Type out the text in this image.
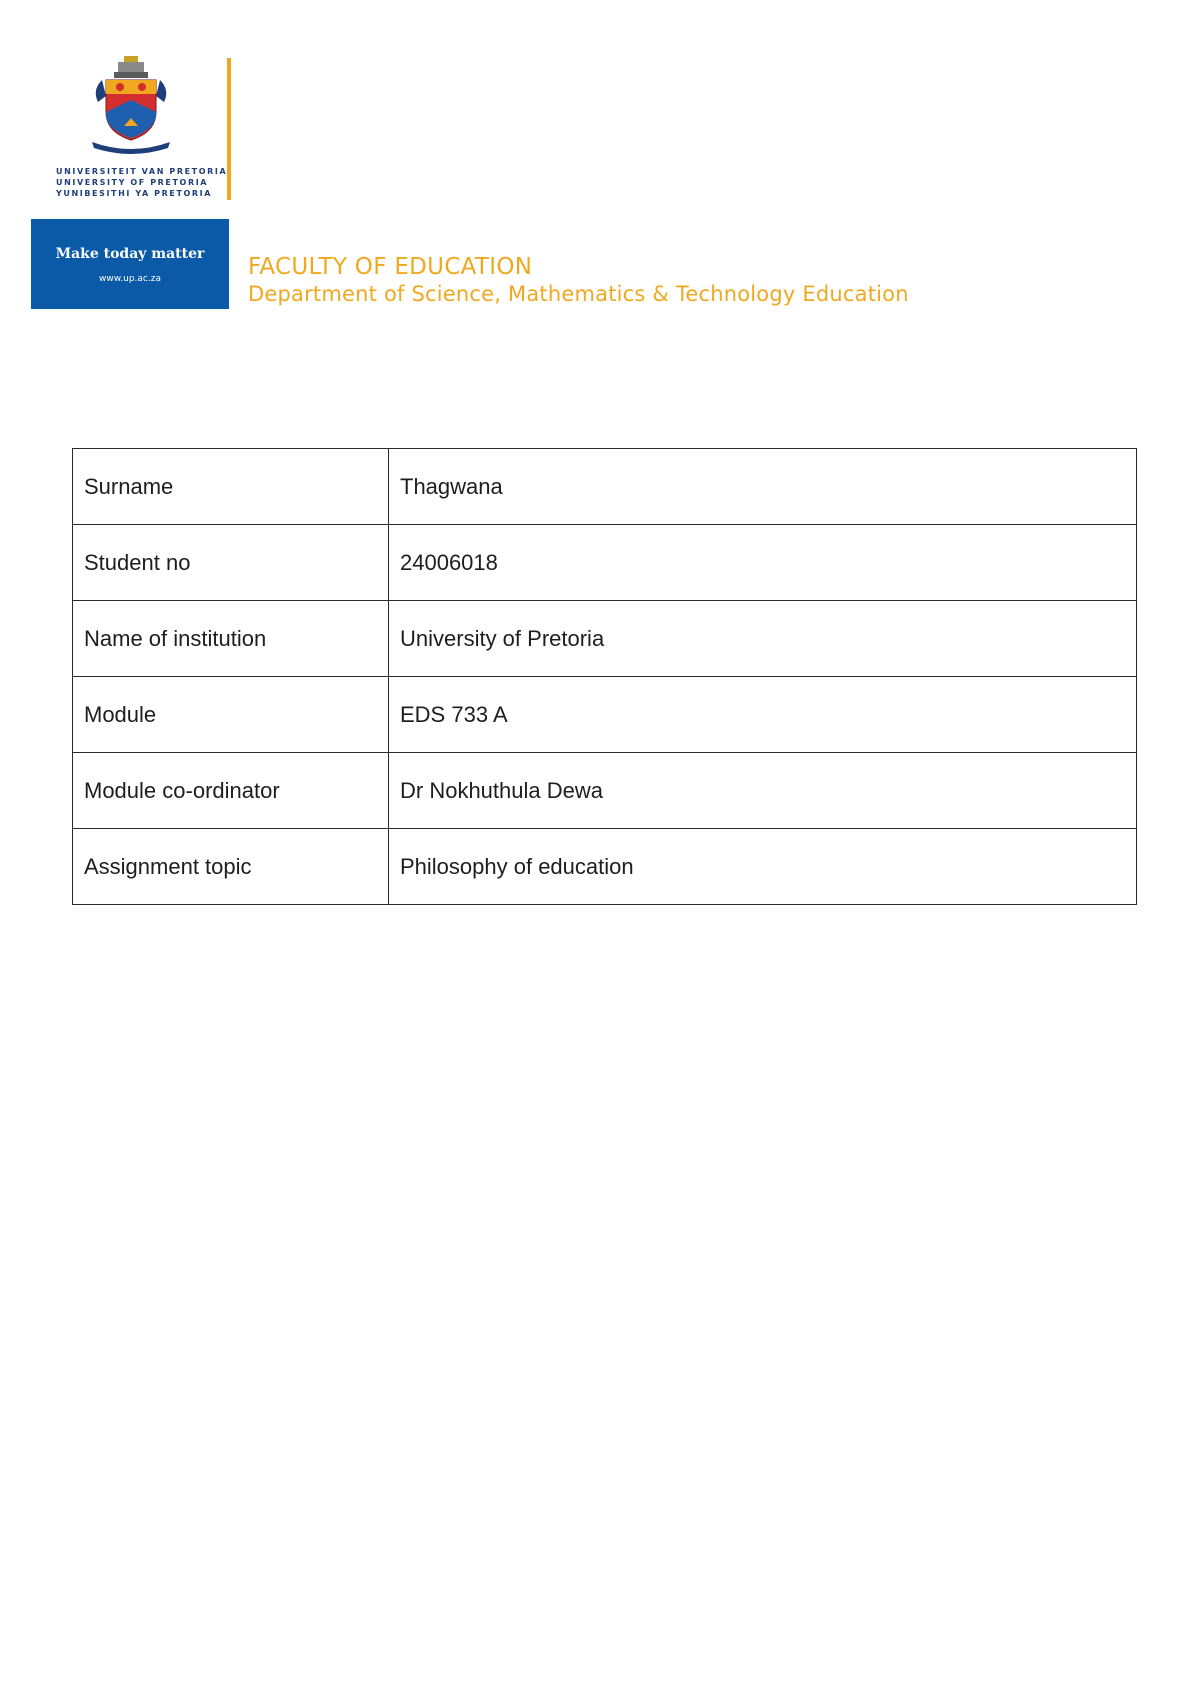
UNIVERSITEIT VAN PRETORIA
UNIVERSITY OF PRETORIA
YUNIBESITHI YA PRETORIA
Make today matter
www.up.ac.za	FACULTY OF EDUCATION
Department of Science, Mathematics & Technology Education
Surname	Thagwana
Student no	24006018
Name of institution	University of Pretoria
Module	EDS 733 A
Module co-ordinator	Dr Nokhuthula Dewa
Assignment topic	Philosophy of education
